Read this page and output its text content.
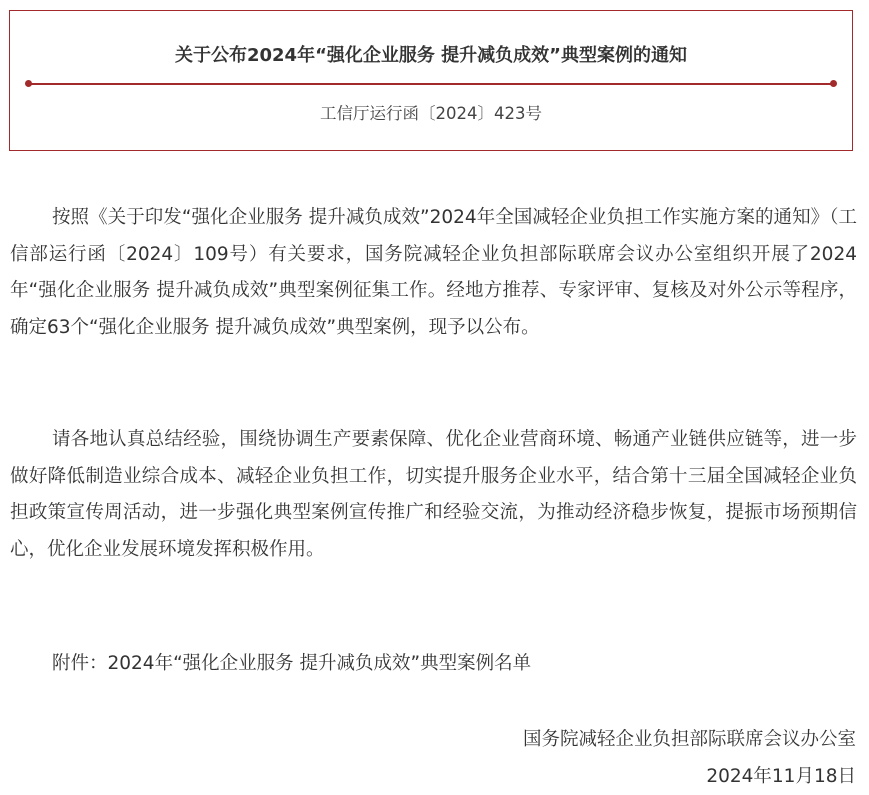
关于公布2024年“强化企业服务 提升减负成效”典型案例的通知
工信厅运行函〔2024〕423号
按照《关于印发“强化企业服务 提升减负成效”2024年全国减轻企业负担工作实施方案的通知》（工信部运行函〔2024〕109号）有关要求，国务院减轻企业负担部际联席会议办公室组织开展了2024年“强化企业服务 提升减负成效”典型案例征集工作。经地方推荐、专家评审、复核及对外公示等程序，确定63个“强化企业服务 提升减负成效”典型案例，现予以公布。
请各地认真总结经验，围绕协调生产要素保障、优化企业营商环境、畅通产业链供应链等，进一步做好降低制造业综合成本、减轻企业负担工作，切实提升服务企业水平，结合第十三届全国减轻企业负担政策宣传周活动，进一步强化典型案例宣传推广和经验交流，为推动经济稳步恢复，提振市场预期信心，优化企业发展环境发挥积极作用。
附件：2024年“强化企业服务 提升减负成效”典型案例名单
国务院减轻企业负担部际联席会议办公室
2024年11月18日
